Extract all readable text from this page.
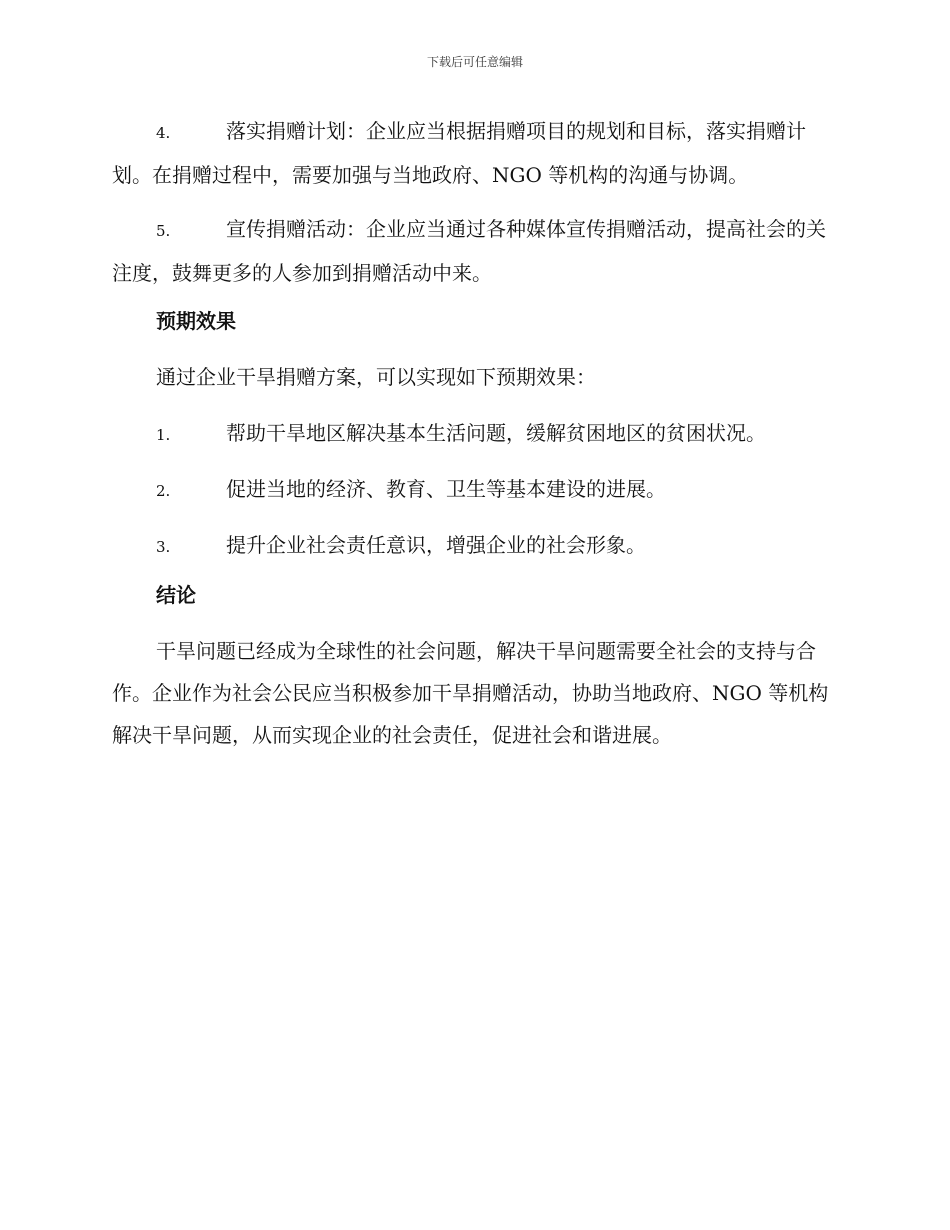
下载后可任意编辑

4.	落实捐赠计划：企业应当根据捐赠项目的规划和目标，落实捐赠计划。在捐赠过程中，需要加强与当地政府、NGO 等机构的沟通与协调。

5.	宣传捐赠活动：企业应当通过各种媒体宣传捐赠活动，提高社会的关注度，鼓舞更多的人参加到捐赠活动中来。

预期效果

通过企业干旱捐赠方案，可以实现如下预期效果：

1.	帮助干旱地区解决基本生活问题，缓解贫困地区的贫困状况。

2.	促进当地的经济、教育、卫生等基本建设的进展。

3.	提升企业社会责任意识，增强企业的社会形象。

结论

干旱问题已经成为全球性的社会问题，解决干旱问题需要全社会的支持与合作。企业作为社会公民应当积极参加干旱捐赠活动，协助当地政府、NGO 等机构解决干旱问题，从而实现企业的社会责任，促进社会和谐进展。
